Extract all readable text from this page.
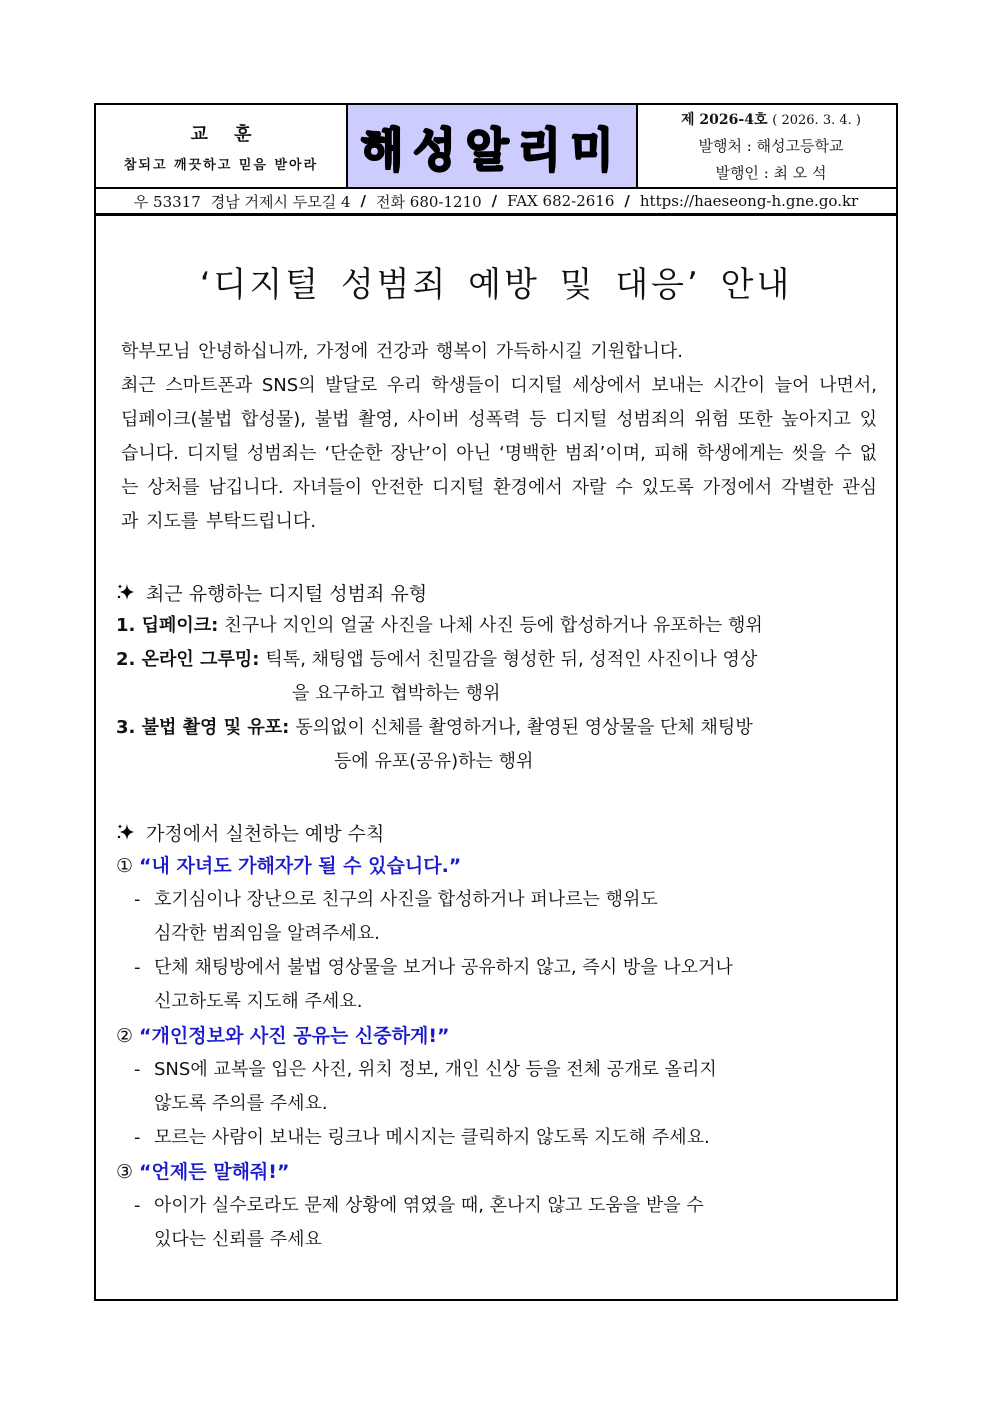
교 훈
참되고 깨끗하고 믿음 받아라 해성알리미
제 2026-4호 ( 2026. 3. 4. )
발행처 : 해성고등학교
발행인 : 최 오 석
우 53317 경남 거제시 두모길 4 / 전화 680-1210 / FAX 682-2616 / https://haeseong-h.gne.go.kr
‘디지털 성범죄 예방 및 대응’ 안내

학부모님 안녕하십니까, 가정에 건강과 행복이 가득하시길 기원합니다.

최근 스마트폰과 SNS의 발달로 우리 학생들이 디지털 세상에서 보내는 시간이 늘어 나면서, 딥페이크(불법 합성물), 불법 촬영, 사이버 성폭력 등 디지털 성범죄의 위험 또한 높아지고 있습니다. 디지털 성범죄는 ‘단순한 장난’이 아닌 ‘명백한 범죄’이며, 피해 학생에게는 씻을 수 없는 상처를 남깁니다. 자녀들이 안전한 디지털 환경에서 자랄 수 있도록 가정에서 각별한 관심과 지도를 부탁드립니다.

최근 유행하는 디지털 성범죄 유형
1. 딥페이크: 친구나 지인의 얼굴 사진을 나체 사진 등에 합성하거나 유포하는 행위
2. 온라인 그루밍: 틱톡, 채팅앱 등에서 친밀감을 형성한 뒤, 성적인 사진이나 영상
을 요구하고 협박하는 행위
3. 불법 촬영 및 유포: 동의없이 신체를 촬영하거나, 촬영된 영상물을 단체 채팅방
등에 유포(공유)하는 행위
가정에서 실천하는 예방 수칙
① “내 자녀도 가해자가 될 수 있습니다.”
- 호기심이나 장난으로 친구의 사진을 합성하거나 퍼나르는 행위도
심각한 범죄임을 알려주세요.
- 단체 채팅방에서 불법 영상물을 보거나 공유하지 않고, 즉시 방을 나오거나
신고하도록 지도해 주세요.
② “개인정보와 사진 공유는 신중하게!”
- SNS에 교복을 입은 사진, 위치 정보, 개인 신상 등을 전체 공개로 올리지
않도록 주의를 주세요.
- 모르는 사람이 보내는 링크나 메시지는 클릭하지 않도록 지도해 주세요.
③ “언제든 말해줘!”
- 아이가 실수로라도 문제 상황에 엮였을 때, 혼나지 않고 도움을 받을 수
있다는 신뢰를 주세요
